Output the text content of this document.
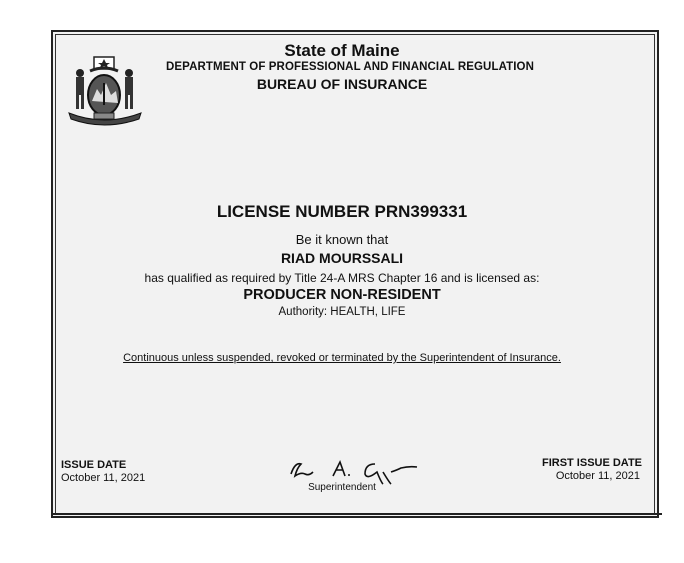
State of Maine
DEPARTMENT OF PROFESSIONAL AND FINANCIAL REGULATION
BUREAU OF INSURANCE
LICENSE NUMBER PRN399331
Be it known that
RIAD MOURSSALI
has qualified as required by Title 24-A MRS Chapter 16 and is licensed as:
PRODUCER NON-RESIDENT
Authority: HEALTH, LIFE
Continuous unless suspended, revoked or terminated by the Superintendent of Insurance.
ISSUE DATE
October 11, 2021
Superintendent
FIRST ISSUE DATE
October 11, 2021
